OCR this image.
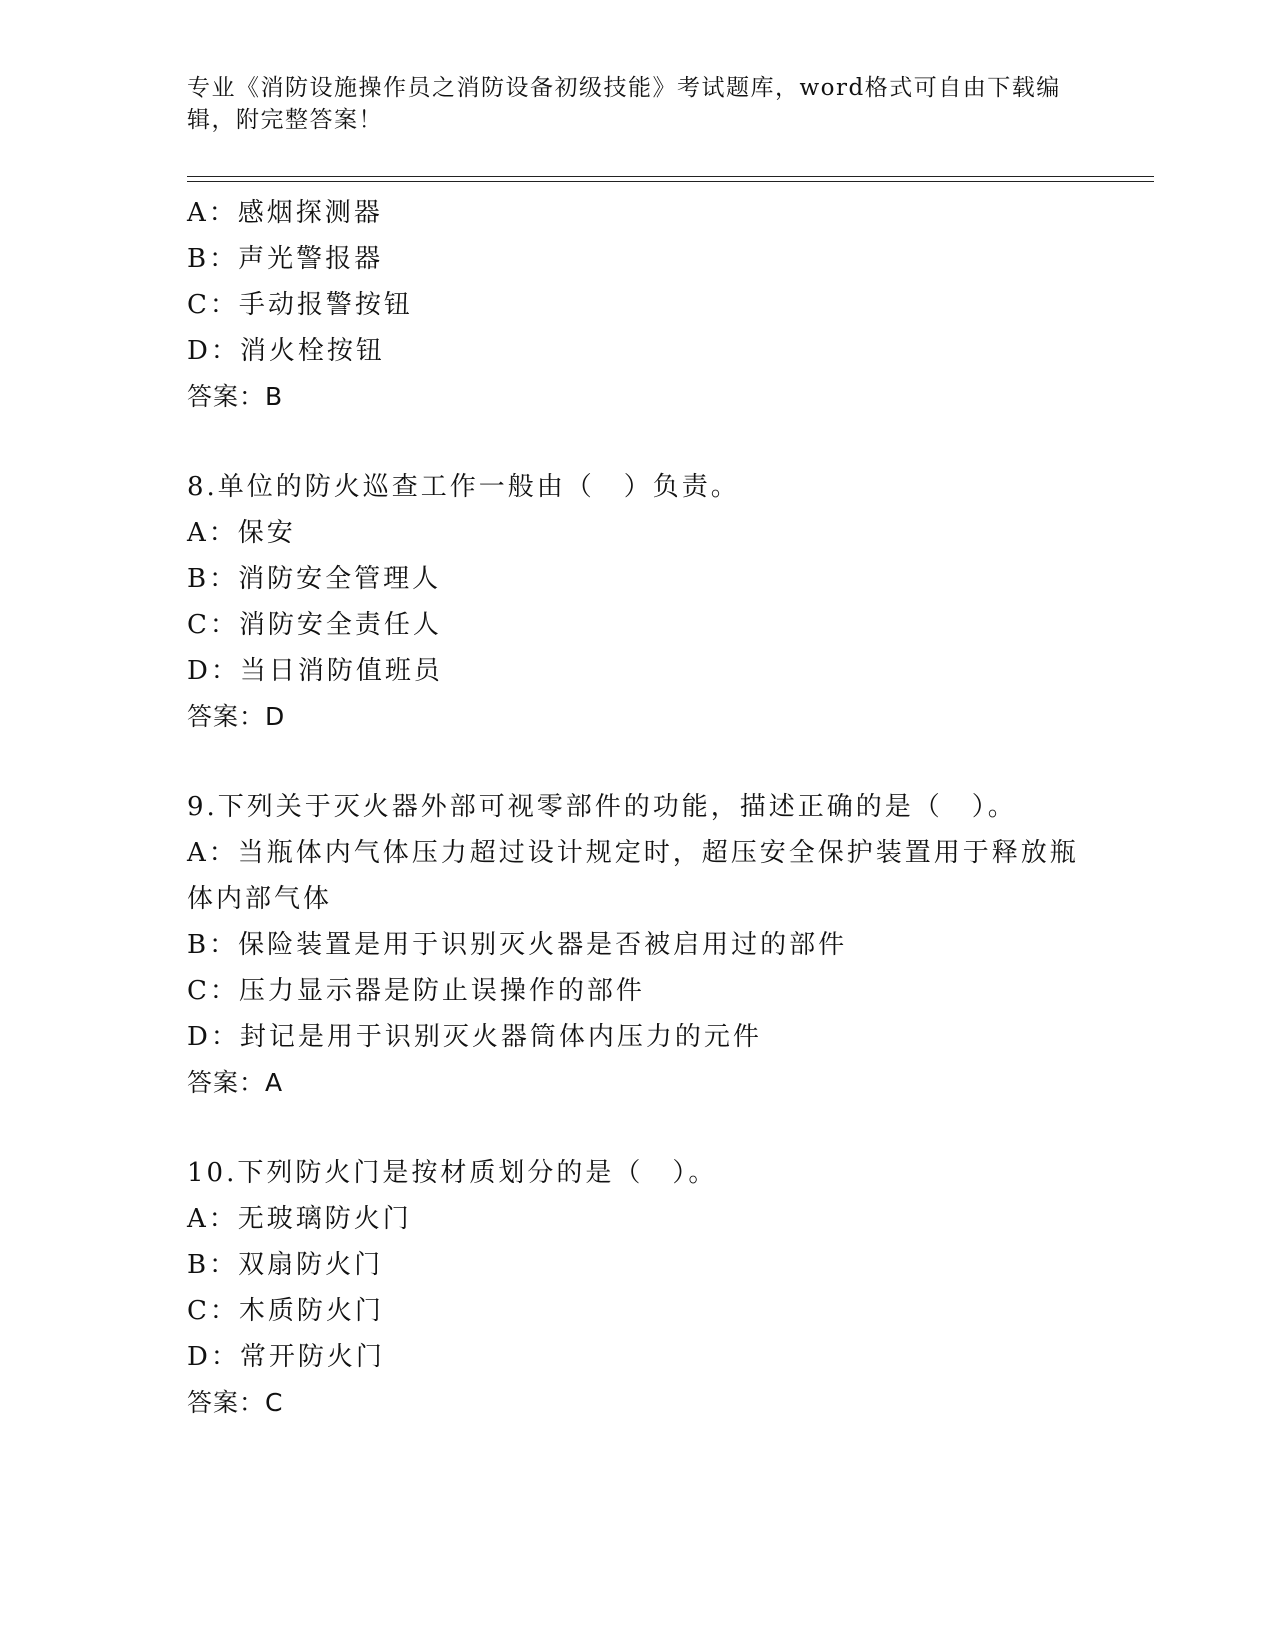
专业《消防设施操作员之消防设备初级技能》考试题库，word格式可自由下载编辑，附完整答案！
A：感烟探测器
B：声光警报器
C：手动报警按钮
D：消火栓按钮
答案：B
8.单位的防火巡查工作一般由（　）负责。
A：保安
B：消防安全管理人
C：消防安全责任人
D：当日消防值班员
答案：D
9.下列关于灭火器外部可视零部件的功能，描述正确的是（　）。
A：当瓶体内气体压力超过设计规定时，超压安全保护装置用于释放瓶体内部气体
B：保险装置是用于识别灭火器是否被启用过的部件
C：压力显示器是防止误操作的部件
D：封记是用于识别灭火器筒体内压力的元件
答案：A
10.下列防火门是按材质划分的是（　）。
A：无玻璃防火门
B：双扇防火门
C：木质防火门
D：常开防火门
答案：C
